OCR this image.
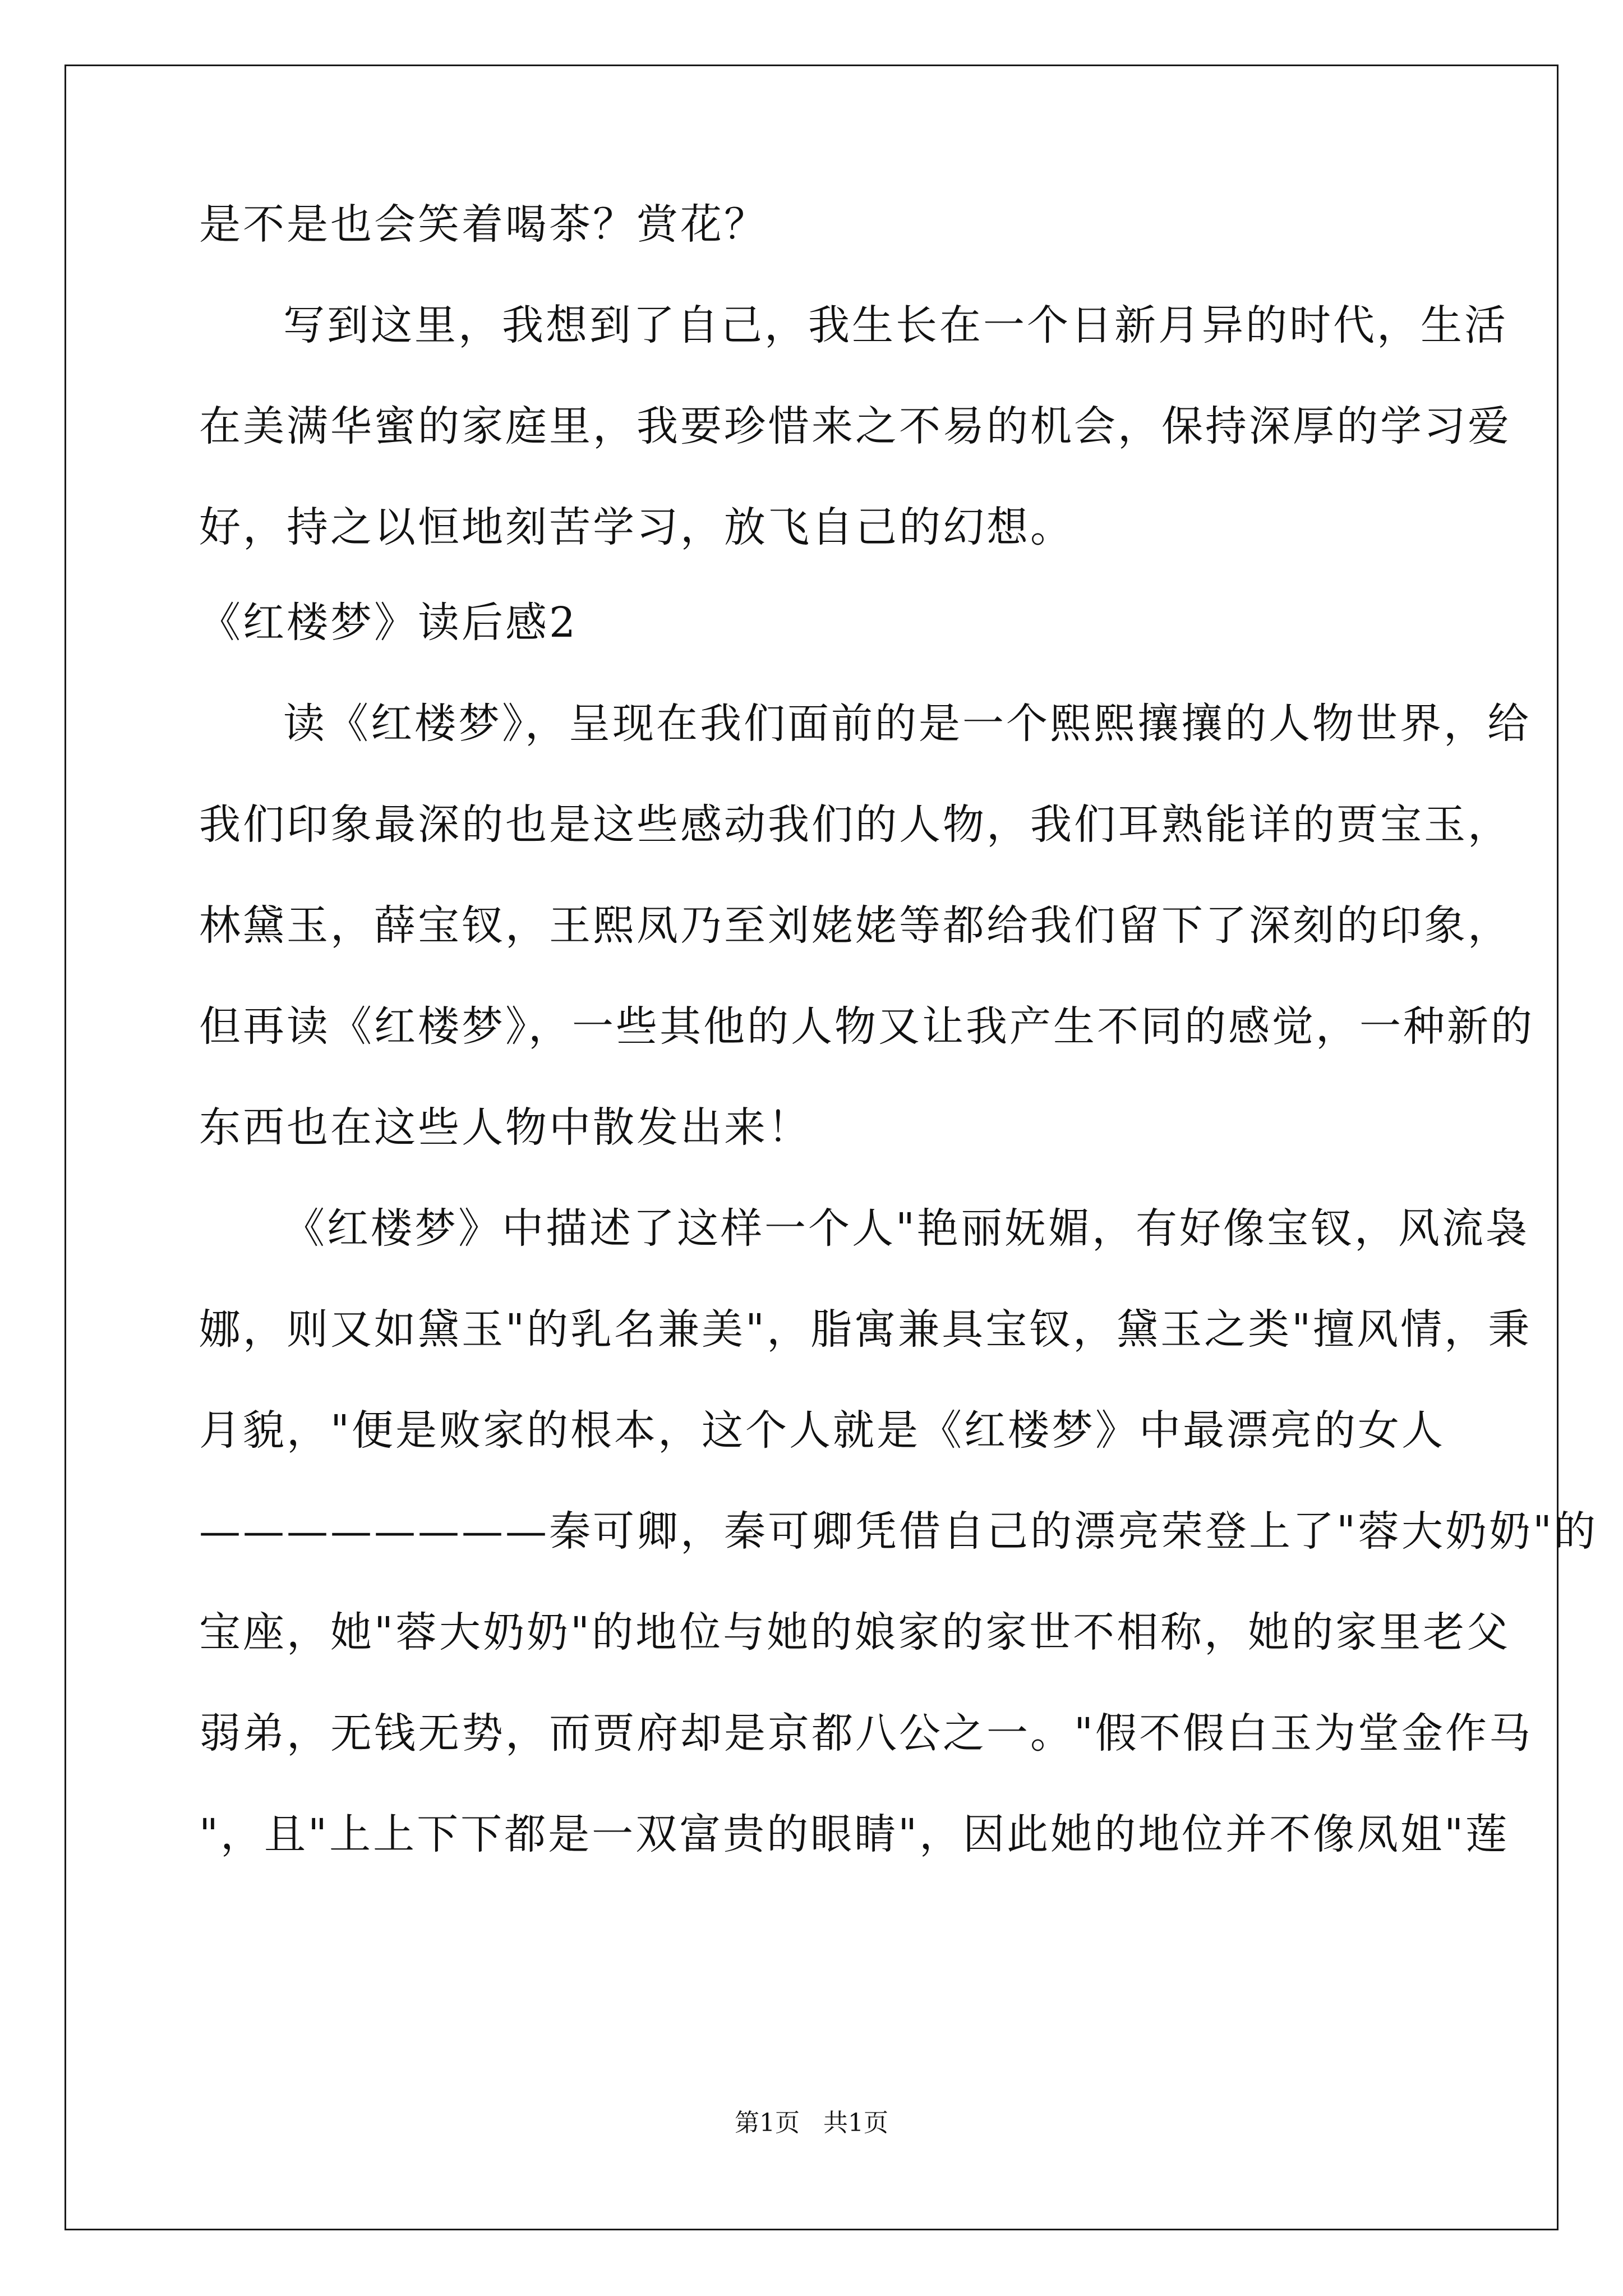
是不是也会笑着喝茶？赏花？
写到这里，我想到了自己，我生长在一个日新月异的时代，生活
在美满华蜜的家庭里，我要珍惜来之不易的机会，保持深厚的学习爱
好，持之以恒地刻苦学习，放飞自己的幻想。
《红楼梦》读后感2
读《红楼梦》，呈现在我们面前的是一个熙熙攘攘的人物世界，给
我们印象最深的也是这些感动我们的人物，我们耳熟能详的贾宝玉，
林黛玉，薛宝钗，王熙凤乃至刘姥姥等都给我们留下了深刻的印象，
但再读《红楼梦》，一些其他的人物又让我产生不同的感觉，一种新的
东西也在这些人物中散发出来！
《红楼梦》中描述了这样一个人"艳丽妩媚，有好像宝钗，风流袅
娜，则又如黛玉"的乳名兼美"，脂寓兼具宝钗，黛玉之类"擅风情，秉
月貌，"便是败家的根本，这个人就是《红楼梦》中最漂亮的女人
————————秦可卿，秦可卿凭借自己的漂亮荣登上了"蓉大奶奶"的
宝座，她"蓉大奶奶"的地位与她的娘家的家世不相称，她的家里老父
弱弟，无钱无势，而贾府却是京都八公之一。"假不假白玉为堂金作马
"，且"上上下下都是一双富贵的眼睛"，因此她的地位并不像凤姐"莲
第1页 共1页
